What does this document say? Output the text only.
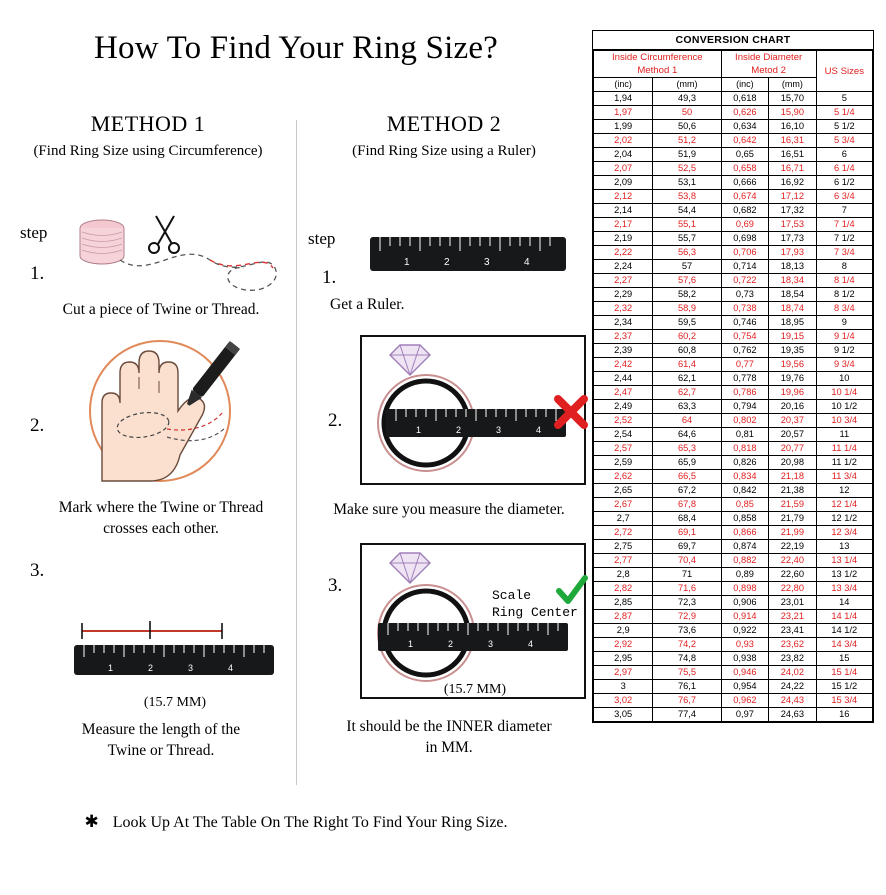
How To Find Your Ring Size?
METHOD 1
(Find Ring Size using Circumference)
METHOD 2
(Find Ring Size using a Ruler)
step
1.
2.
3.
Cut a piece of Twine or Thread.
Mark where the Twine or Thread
crosses each other.
1	2	3	4
(15.7 MM)
Measure the length of the
Twine or Thread.
step
1.
2.
3.
1	2	3	4
Get a Ruler.
1	2	3	4
Make sure you measure the diameter.
1	2	3	4
Scale
Ring Center
(15.7 MM)
It should be the INNER diameter
in MM.
✱ Look Up At The Table On The Right To Find Your Ring Size.
CONVERSION CHART
Inside Circumference
Method 1		Inside Diameter
Metod 2		US Sizes
(inc)	(mm)	(inc)	(mm)	
1,94	49,3	0,618	15,70	5
1,97	50	0,626	15,90	5 1/4
1,99	50,6	0,634	16,10	5 1/2
2,02	51,2	0,642	16,31	5 3/4
2,04	51,9	0,65	16,51	6
2,07	52,5	0,658	16,71	6 1/4
2,09	53,1	0,666	16,92	6 1/2
2,12	53,8	0,674	17,12	6 3/4
2,14	54,4	0,682	17,32	7
2,17	55,1	0,69	17,53	7 1/4
2,19	55,7	0,698	17,73	7 1/2
2,22	56,3	0,706	17,93	7 3/4
2,24	57	0,714	18,13	8
2,27	57,6	0,722	18,34	8 1/4
2,29	58,2	0,73	18,54	8 1/2
2,32	58,9	0,738	18,74	8 3/4
2,34	59,5	0,746	18,95	9
2,37	60,2	0,754	19,15	9 1/4
2,39	60,8	0,762	19,35	9 1/2
2,42	61,4	0,77	19,56	9 3/4
2,44	62,1	0,778	19,76	10
2,47	62,7	0,786	19,96	10 1/4
2,49	63,3	0,794	20,16	10 1/2
2,52	64	0,802	20,37	10 3/4
2,54	64,6	0,81	20,57	11
2,57	65,3	0,818	20,77	11 1/4
2,59	65,9	0,826	20,98	11 1/2
2,62	66,5	0,834	21,18	11 3/4
2,65	67,2	0,842	21,38	12
2,67	67,8	0,85	21,59	12 1/4
2,7	68,4	0,858	21,79	12 1/2
2,72	69,1	0,866	21,99	12 3/4
2,75	69,7	0,874	22,19	13
2,77	70,4	0,882	22,40	13 1/4
2,8	71	0,89	22,60	13 1/2
2,82	71,6	0,898	22,80	13 3/4
2,85	72,3	0,906	23,01	14
2,87	72,9	0,914	23,21	14 1/4
2,9	73,6	0,922	23,41	14 1/2
2,92	74,2	0,93	23,62	14 3/4
2,95	74,8	0,938	23,82	15
2,97	75,5	0,946	24,02	15 1/4
3	76,1	0,954	24,22	15 1/2
3,02	76,7	0,962	24,43	15 3/4
3,05	77,4	0,97	24,63	16
